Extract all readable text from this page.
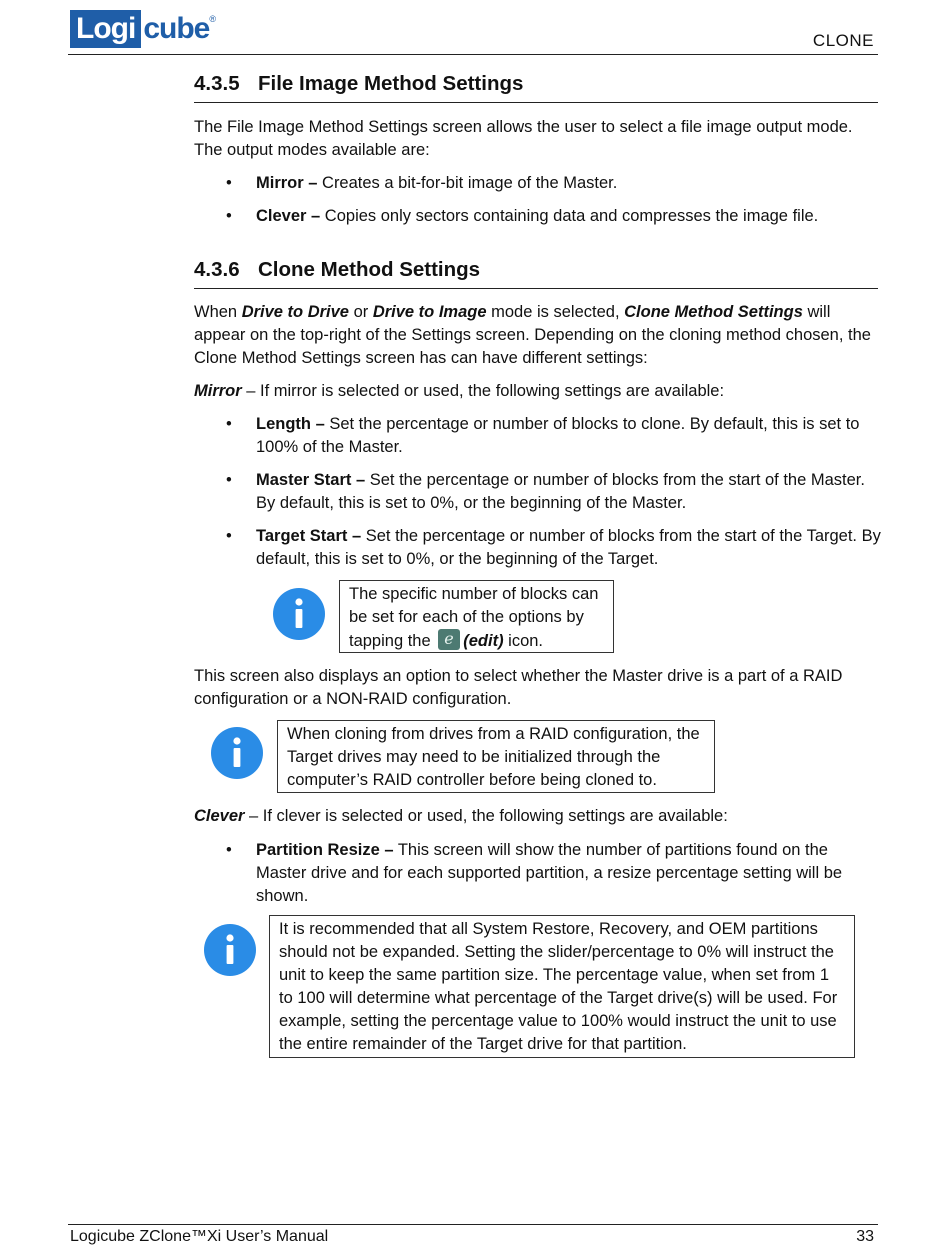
Logi cube ®
CLONE
4.3.5 File Image Method Settings
The File Image Method Settings screen allows the user to select a file image output mode. The output modes available are:
• Mirror – Creates a bit-for-bit image of the Master.
• Clever – Copies only sectors containing data and compresses the image file.
4.3.6 Clone Method Settings
When Drive to Drive or Drive to Image mode is selected, Clone Method Settings will appear on the top-right of the Settings screen. Depending on the cloning method chosen, the Clone Method Settings screen has can have different settings:
Mirror – If mirror is selected or used, the following settings are available:
• Length – Set the percentage or number of blocks to clone. By default, this is set to 100% of the Master.
• Master Start – Set the percentage or number of blocks from the start of the Master. By default, this is set to 0%, or the beginning of the Master.
• Target Start – Set the percentage or number of blocks from the start of the Target. By default, this is set to 0%, or the beginning of the Target.
The specific number of blocks can be set for each of the options by tapping the e(edit) icon.
This screen also displays an option to select whether the Master drive is a part of a RAID configuration or a NON-RAID configuration.
When cloning from drives from a RAID configuration, the Target drives may need to be initialized through the computer’s RAID controller before being cloned to.
Clever – If clever is selected or used, the following settings are available:
• Partition Resize – This screen will show the number of partitions found on the Master drive and for each supported partition, a resize percentage setting will be shown.
It is recommended that all System Restore, Recovery, and OEM partitions should not be expanded. Setting the slider/percentage to 0% will instruct the unit to keep the same partition size. The percentage value, when set from 1 to 100 will determine what percentage of the Target drive(s) will be used. For example, setting the percentage value to 100% would instruct the unit to use the entire remainder of the Target drive for that partition.
Logicube ZClone™Xi User’s Manual	33
